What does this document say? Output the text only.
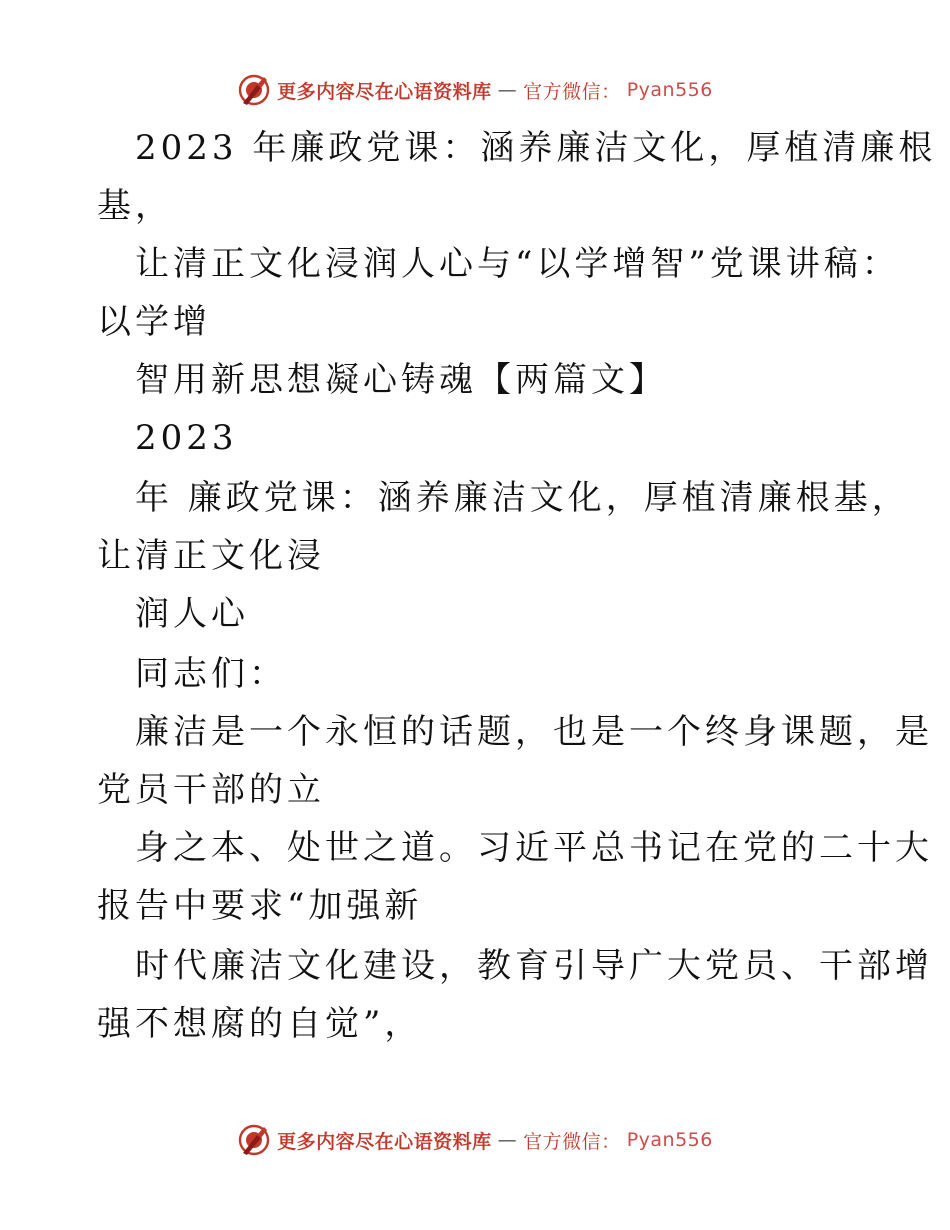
更多内容尽在心语资料库 — 官方微信： Pyan556
2023 年廉政党课：涵养廉洁文化，厚植清廉根
基，
让清正文化浸润人心与“以学增智”党课讲稿：
以学增
智用新思想凝心铸魂【两篇文】
2023
年 廉政党课：涵养廉洁文化，厚植清廉根基，
让清正文化浸
润人心
同志们：
廉洁是一个永恒的话题，也是一个终身课题，是
党员干部的立
身之本、处世之道。习近平总书记在党的二十大
报告中要求“加强新
时代廉洁文化建设，教育引导广大党员、干部增
强不想腐的自觉”，
更多内容尽在心语资料库 — 官方微信： Pyan556
